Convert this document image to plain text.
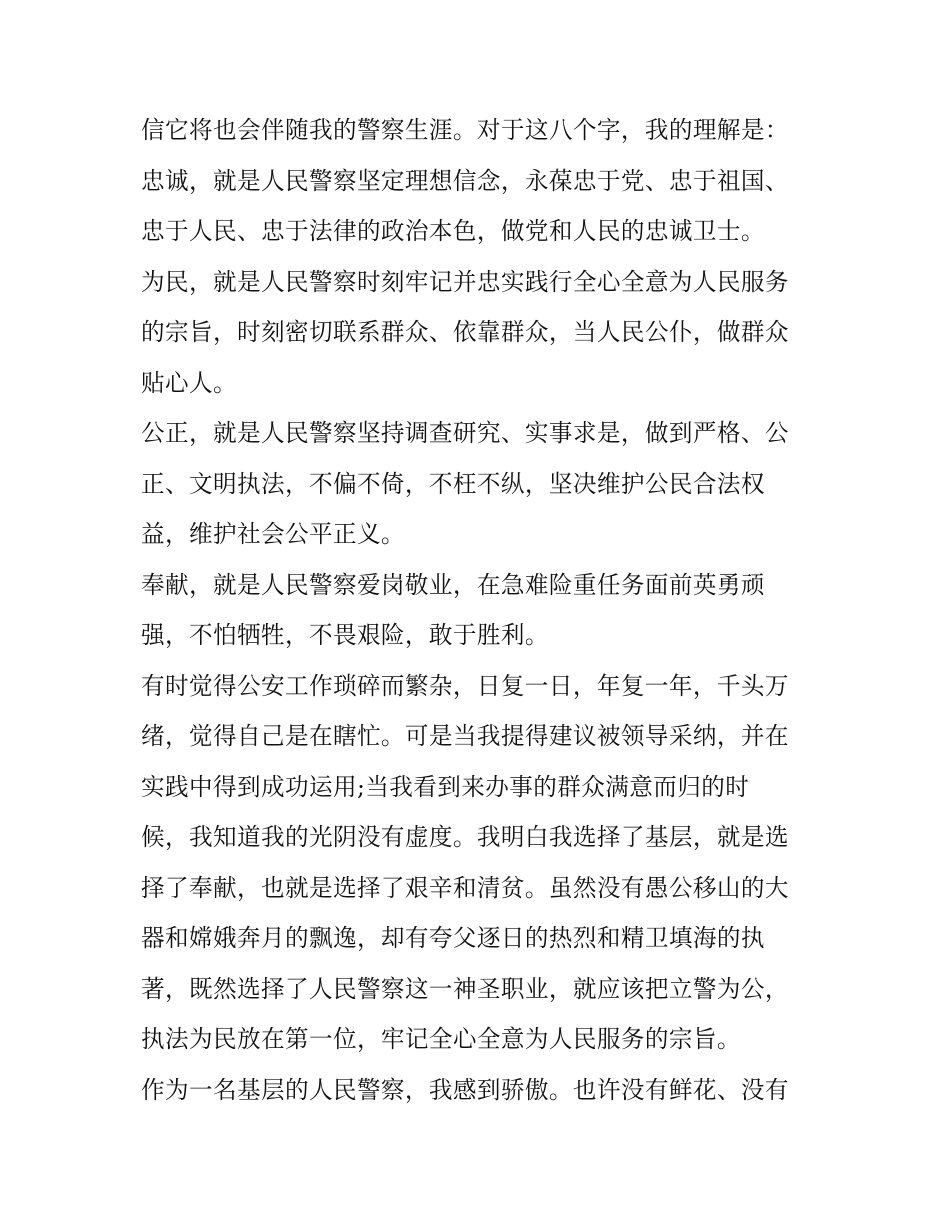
信它将也会伴随我的警察生涯。对于这八个字，我的理解是：
忠诚，就是人民警察坚定理想信念，永葆忠于党、忠于祖国、
忠于人民、忠于法律的政治本色，做党和人民的忠诚卫士。
为民，就是人民警察时刻牢记并忠实践行全心全意为人民服务
的宗旨，时刻密切联系群众、依靠群众，当人民公仆，做群众
贴心人。
公正，就是人民警察坚持调查研究、实事求是，做到严格、公
正、文明执法，不偏不倚，不枉不纵，坚决维护公民合法权
益，维护社会公平正义。
奉献，就是人民警察爱岗敬业，在急难险重任务面前英勇顽
强，不怕牺牲，不畏艰险，敢于胜利。
有时觉得公安工作琐碎而繁杂，日复一日，年复一年，千头万
绪，觉得自己是在瞎忙。可是当我提得建议被领导采纳，并在
实践中得到成功运用;当我看到来办事的群众满意而归的时
候，我知道我的光阴没有虚度。我明白我选择了基层，就是选
择了奉献，也就是选择了艰辛和清贫。虽然没有愚公移山的大
器和嫦娥奔月的飘逸，却有夸父逐日的热烈和精卫填海的执
著，既然选择了人民警察这一神圣职业，就应该把立警为公，
执法为民放在第一位，牢记全心全意为人民服务的宗旨。
作为一名基层的人民警察，我感到骄傲。也许没有鲜花、没有
